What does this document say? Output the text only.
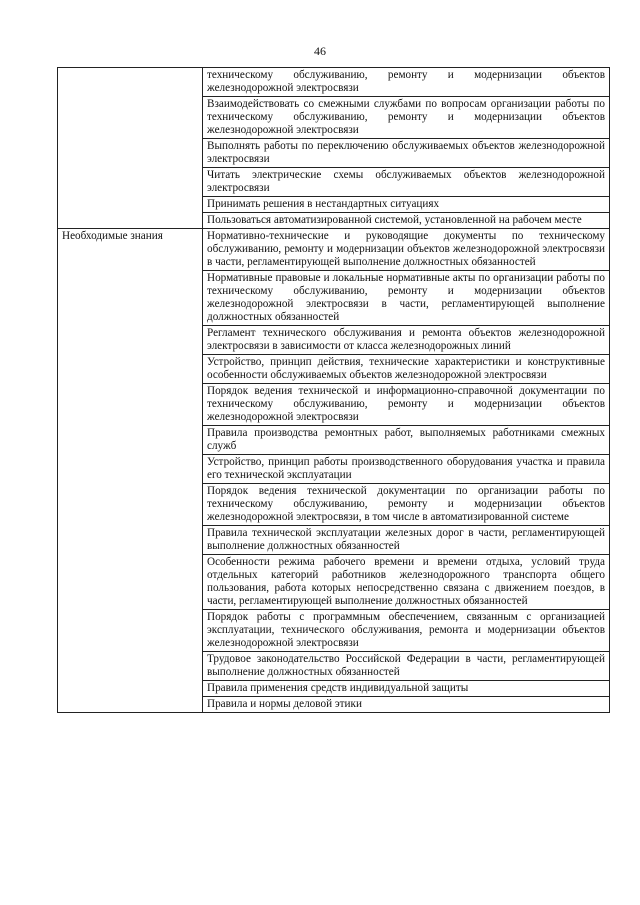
46
	техническому обслуживанию, ремонту и модернизации объектов железнодорожной электросвязи
	Взаимодействовать со смежными службами по вопросам организации работы по техническому обслуживанию, ремонту и модернизации объектов железнодорожной электросвязи
	Выполнять работы по переключению обслуживаемых объектов железнодорожной электросвязи
	Читать электрические схемы обслуживаемых объектов железнодорожной электросвязи
	Принимать решения в нестандартных ситуациях
	Пользоваться автоматизированной системой, установленной на рабочем месте
Необходимые знания	Нормативно-технические и руководящие документы по техническому обслуживанию, ремонту и модернизации объектов железнодорожной электросвязи в части, регламентирующей выполнение должностных обязанностей
	Нормативные правовые и локальные нормативные акты по организации работы по техническому обслуживанию, ремонту и модернизации объектов железнодорожной электросвязи в части, регламентирующей выполнение должностных обязанностей
	Регламент технического обслуживания и ремонта объектов железнодорожной электросвязи в зависимости от класса железнодорожных линий
	Устройство, принцип действия, технические характеристики и конструктивные особенности обслуживаемых объектов железнодорожной электросвязи
	Порядок ведения технической и информационно-справочной документации по техническому обслуживанию, ремонту и модернизации объектов железнодорожной электросвязи
	Правила производства ремонтных работ, выполняемых работниками смежных служб
	Устройство, принцип работы производственного оборудования участка и правила его технической эксплуатации
	Порядок ведения технической документации по организации работы по техническому обслуживанию, ремонту и модернизации объектов железнодорожной электросвязи, в том числе в автоматизированной системе
	Правила технической эксплуатации железных дорог в части, регламентирующей выполнение должностных обязанностей
	Особенности режима рабочего времени и времени отдыха, условий труда отдельных категорий работников железнодорожного транспорта общего пользования, работа которых непосредственно связана с движением поездов, в части, регламентирующей выполнение должностных обязанностей
	Порядок работы с программным обеспечением, связанным с организацией эксплуатации, технического обслуживания, ремонта и модернизации объектов железнодорожной электросвязи
	Трудовое законодательство Российской Федерации в части, регламентирующей выполнение должностных обязанностей
	Правила применения средств индивидуальной защиты
	Правила и нормы деловой этики
